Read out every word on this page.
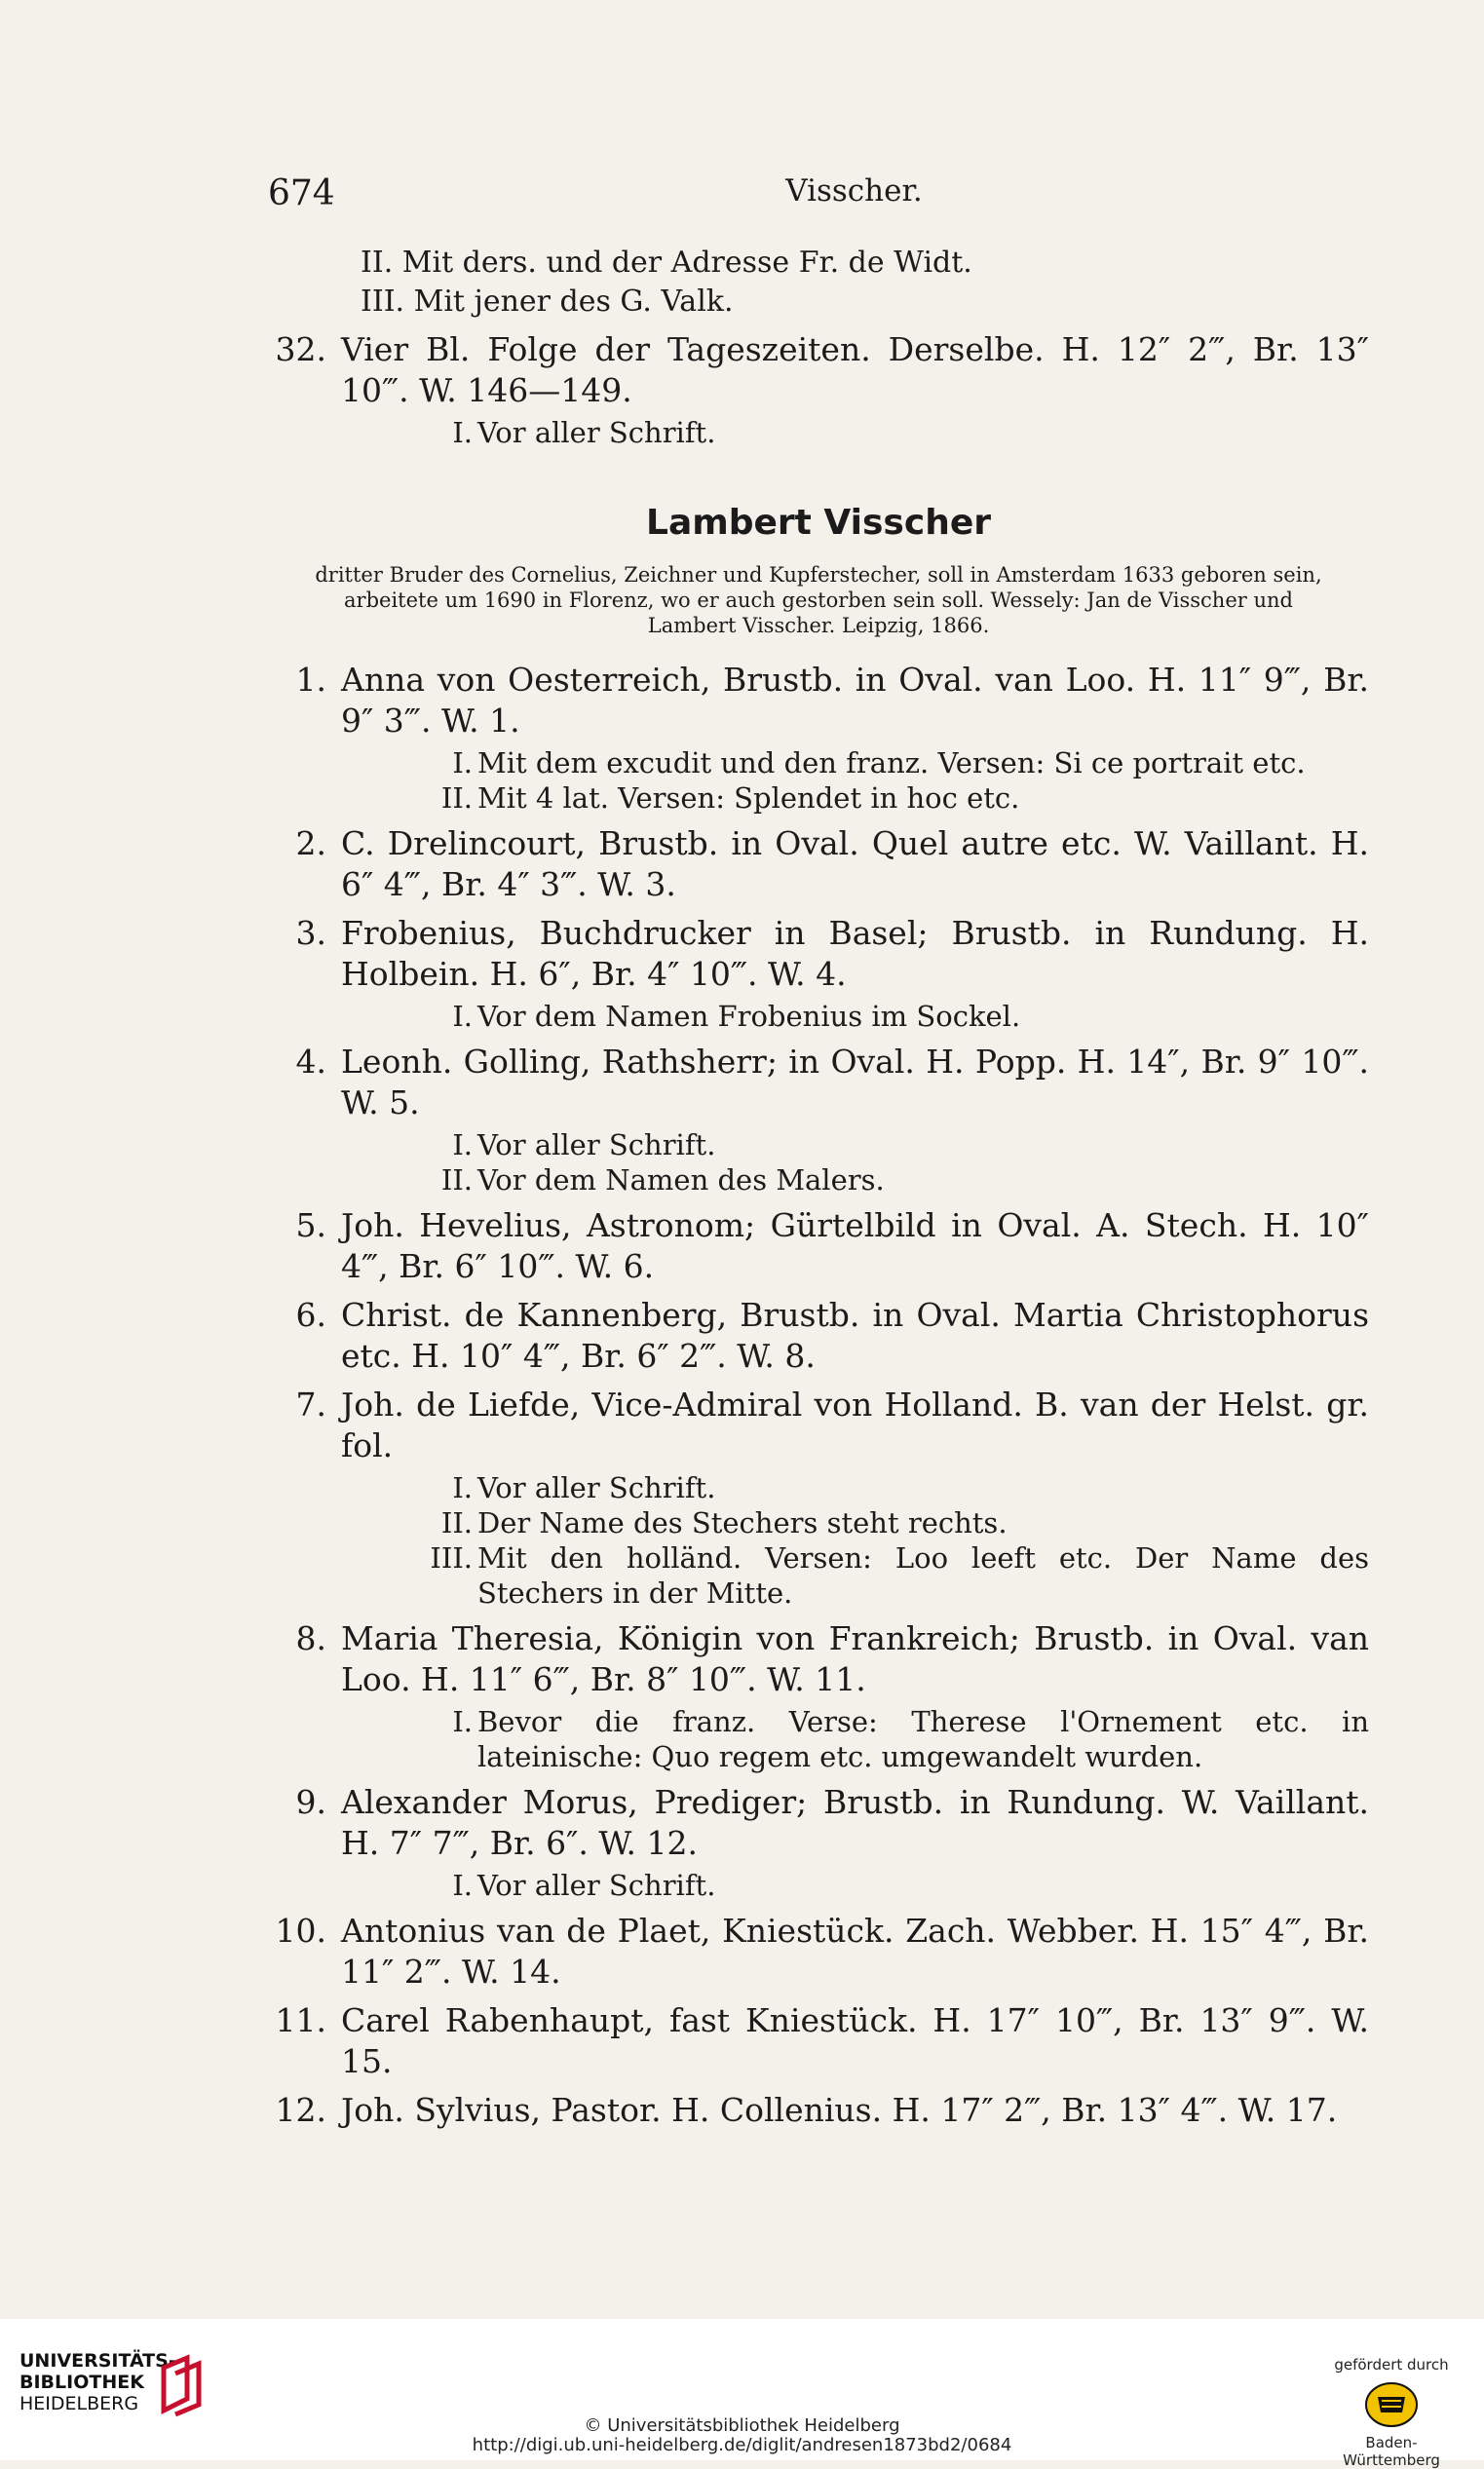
674	Visscher.
II. Mit ders. und der Adresse Fr. de Widt.
III. Mit jener des G. Valk.
32. Vier Bl. Folge der Tageszeiten. Derselbe. H. 12″ 2‴, Br. 13″ 10‴. W. 146—149.
I. Vor aller Schrift.
Lambert Visscher
dritter Bruder des Cornelius, Zeichner und Kupferstecher, soll in Amsterdam 1633 geboren sein, arbeitete um 1690 in Florenz, wo er auch gestorben sein soll. Wessely: Jan de Visscher und Lambert Visscher. Leipzig, 1866.
1. Anna von Oesterreich, Brustb. in Oval. van Loo. H. 11″ 9‴, Br. 9″ 3‴. W. 1.
I. Mit dem excudit und den franz. Versen: Si ce portrait etc.
II. Mit 4 lat. Versen: Splendet in hoc etc.
2. C. Drelincourt, Brustb. in Oval. Quel autre etc. W. Vaillant. H. 6″ 4‴, Br. 4″ 3‴. W. 3.
3. Frobenius, Buchdrucker in Basel; Brustb. in Rundung. H. Holbein. H. 6″, Br. 4″ 10‴. W. 4.
I. Vor dem Namen Frobenius im Sockel.
4. Leonh. Golling, Rathsherr; in Oval. H. Popp. H. 14″, Br. 9″ 10‴. W. 5.
I. Vor aller Schrift.
II. Vor dem Namen des Malers.
5. Joh. Hevelius, Astronom; Gürtelbild in Oval. A. Stech. H. 10″ 4‴, Br. 6″ 10‴. W. 6.
6. Christ. de Kannenberg, Brustb. in Oval. Martia Christophorus etc. H. 10″ 4‴, Br. 6″ 2‴. W. 8.
7. Joh. de Liefde, Vice-Admiral von Holland. B. van der Helst. gr. fol.
I. Vor aller Schrift.
II. Der Name des Stechers steht rechts.
III. Mit den holländ. Versen: Loo leeft etc. Der Name des Stechers in der Mitte.
8. Maria Theresia, Königin von Frankreich; Brustb. in Oval. van Loo. H. 11″ 6‴, Br. 8″ 10‴. W. 11.
I. Bevor die franz. Verse: Therese l'Ornement etc. in lateinische: Quo regem etc. umgewandelt wurden.
9. Alexander Morus, Prediger; Brustb. in Rundung. W. Vaillant. H. 7″ 7‴, Br. 6″. W. 12.
I. Vor aller Schrift.
10. Antonius van de Plaet, Kniestück. Zach. Webber. H. 15″ 4‴, Br. 11″ 2‴. W. 14.
11. Carel Rabenhaupt, fast Kniestück. H. 17″ 10‴, Br. 13″ 9‴. W. 15.
12. Joh. Sylvius, Pastor. H. Collenius. H. 17″ 2‴, Br. 13″ 4‴. W. 17.
UNIVERSITÄTS-
BIBLIOTHEK
HEIDELBERG
© Universitätsbibliothek Heidelberg
http://digi.ub.uni-heidelberg.de/diglit/andresen1873bd2/0684
gefördert durch
Baden-Württemberg
